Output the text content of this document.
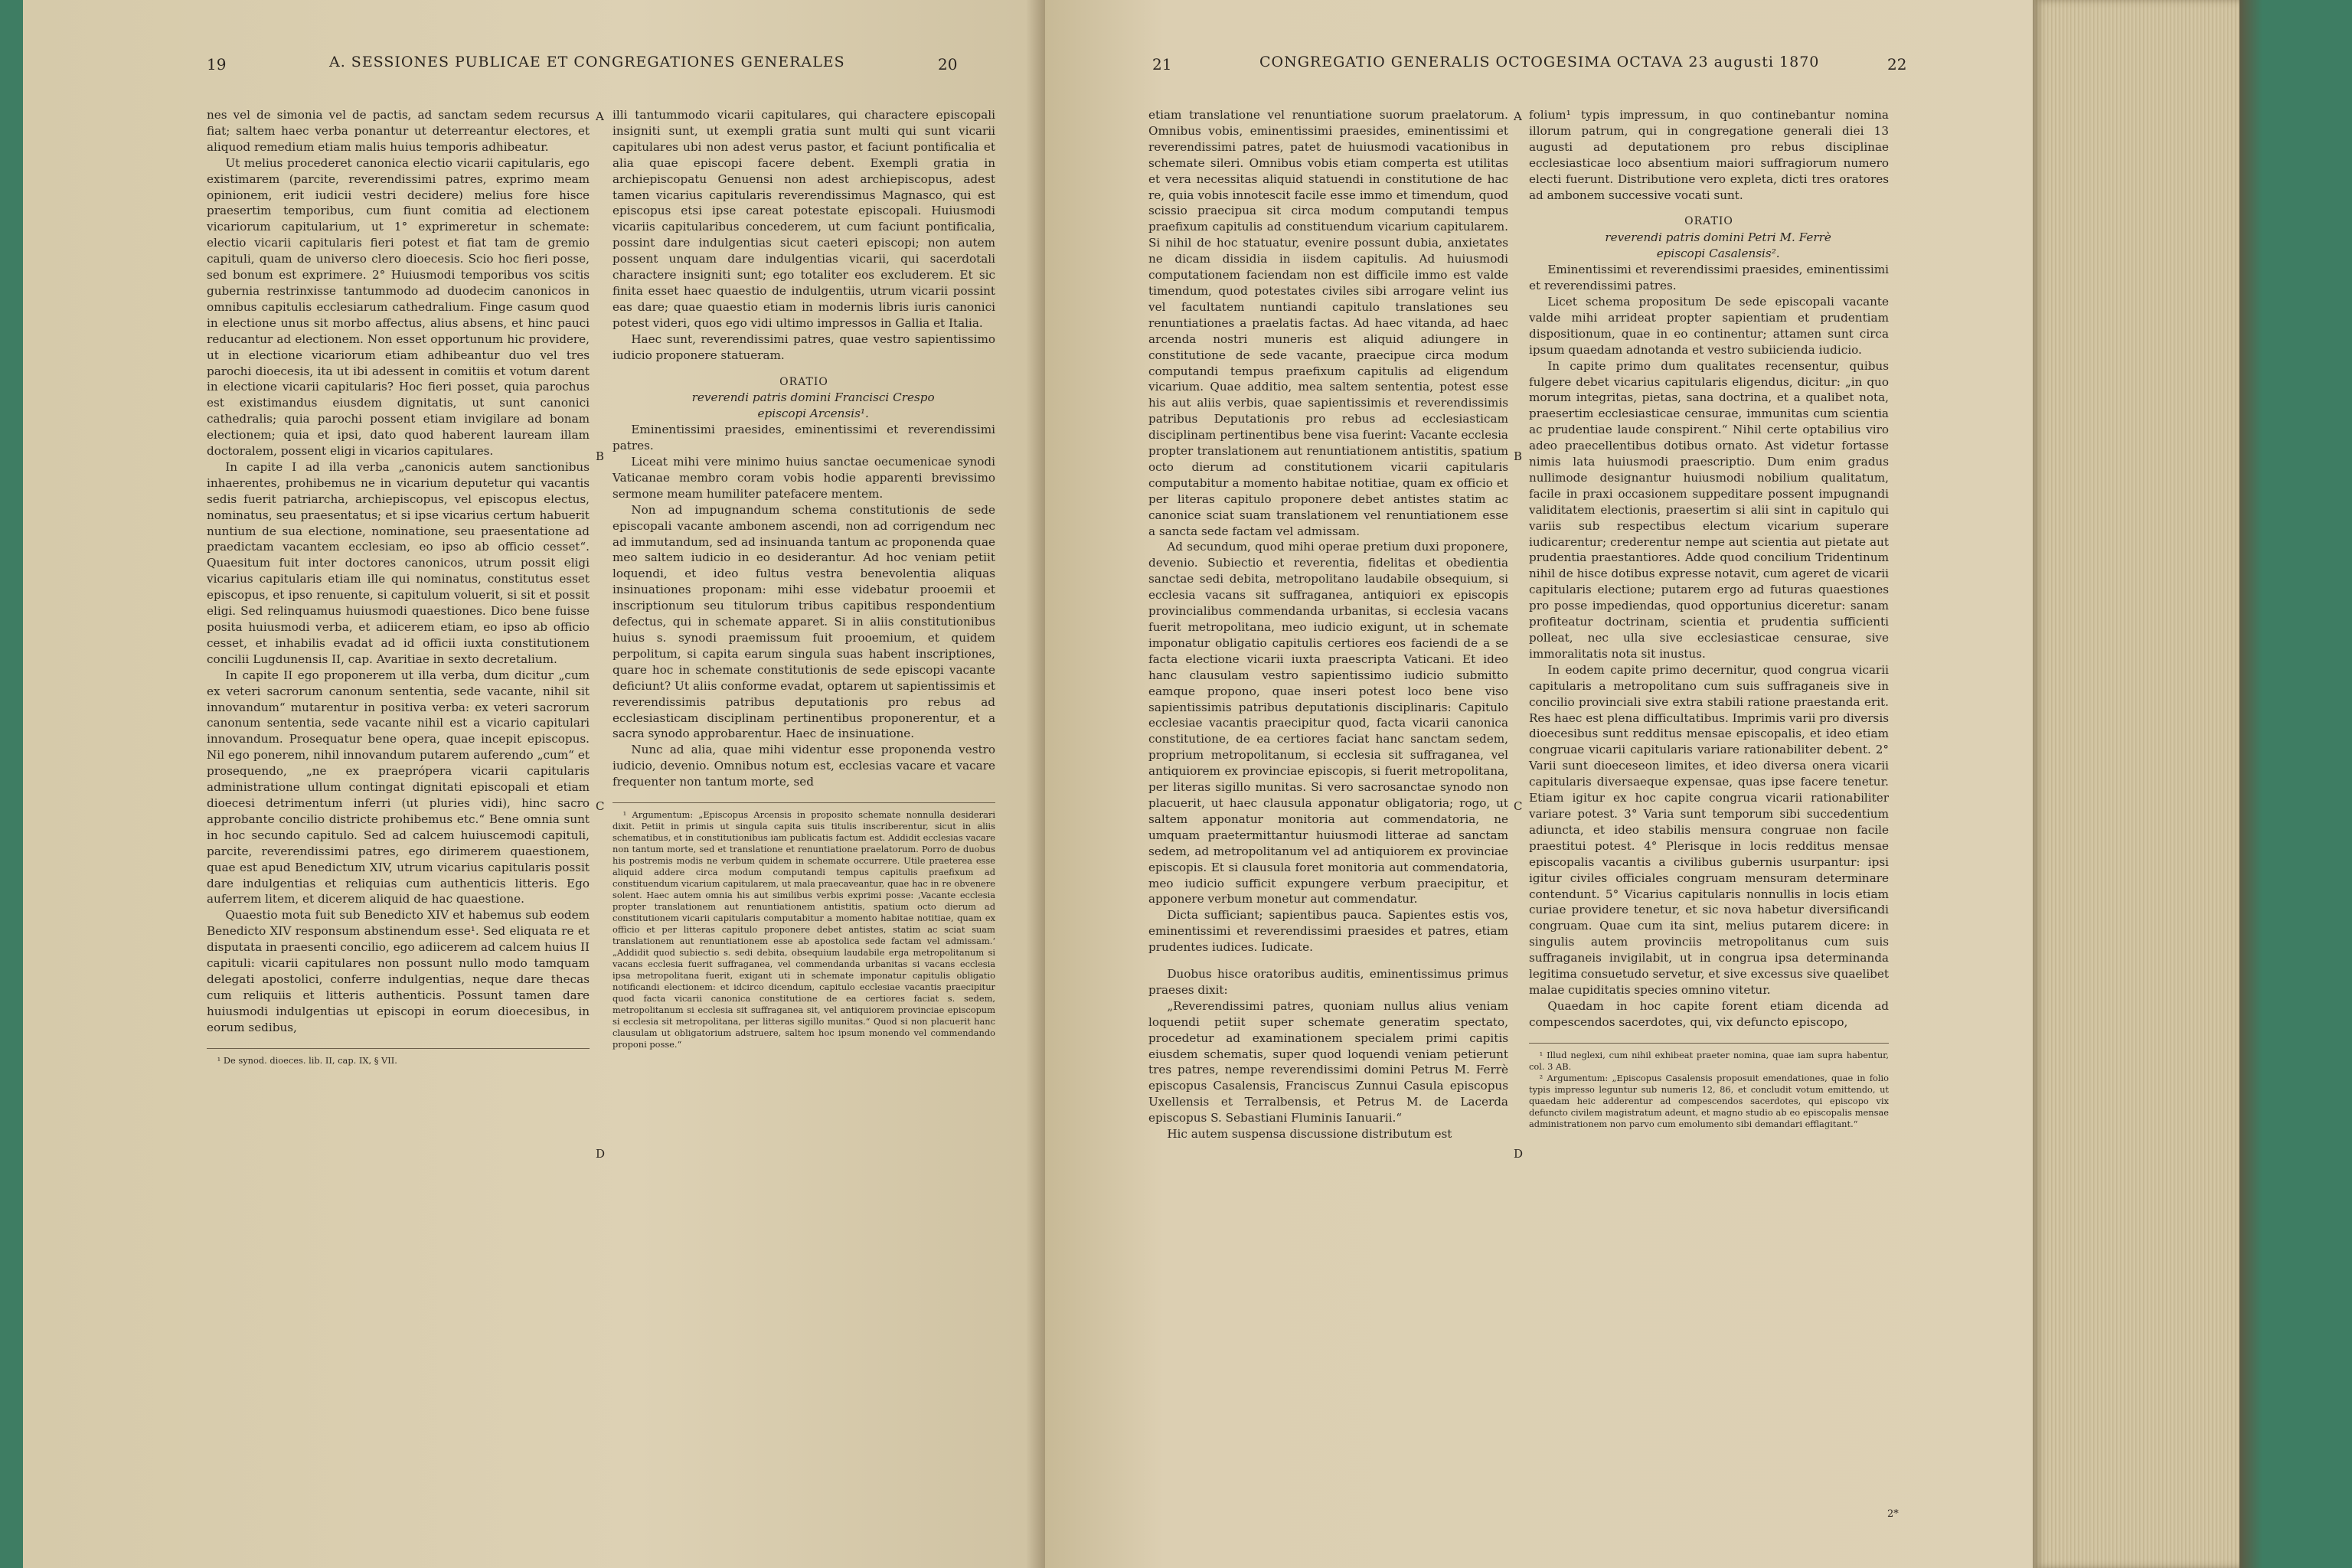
19	A. SESSIONES PUBLICAE ET CONGREGATIONES GENERALES	20

nes vel de simonia vel de pactis, ad sanctam sedem recursus fiat; saltem haec verba ponantur ut deterreantur electores, et aliquod remedium etiam malis huius temporis adhibeatur.

Ut melius procederet canonica electio vicarii capitularis, ego existimarem (parcite, reverendissimi patres, exprimo meam opinionem, erit iudicii vestri decidere) melius fore hisce praesertim temporibus, cum fiunt comitia ad electionem vicariorum capitularium, ut 1° exprimeretur in schemate: electio vicarii capitularis fieri potest et fiat tam de gremio capituli, quam de universo clero dioecesis. Scio hoc fieri posse, sed bonum est exprimere. 2° Huiusmodi temporibus vos scitis gubernia restrinxisse tantummodo ad duodecim canonicos in omnibus capitulis ecclesiarum cathedralium. Finge casum quod in electione unus sit morbo affectus, alius absens, et hinc pauci reducantur ad electionem. Non esset opportunum hic providere, ut in electione vicariorum etiam adhibeantur duo vel tres parochi dioecesis, ita ut ibi adessent in comitiis et votum darent in electione vicarii capitularis? Hoc fieri posset, quia parochus est existimandus eiusdem dignitatis, ut sunt canonici cathedralis; quia parochi possent etiam invigilare ad bonam electionem; quia et ipsi, dato quod haberent lauream illam doctoralem, possent eligi in vicarios capitulares.

In capite I ad illa verba „canonicis autem sanctionibus inhaerentes, prohibemus ne in vicarium deputetur qui vacantis sedis fuerit patriarcha, archiepiscopus, vel episcopus electus, nominatus, seu praesentatus; et si ipse vicarius certum habuerit nuntium de sua electione, nominatione, seu praesentatione ad praedictam vacantem ecclesiam, eo ipso ab officio cesset“. Quaesitum fuit inter doctores canonicos, utrum possit eligi vicarius capitularis etiam ille qui nominatus, constitutus esset episcopus, et ipso renuente, si capitulum voluerit, si sit et possit eligi. Sed relinquamus huiusmodi quaestiones. Dico bene fuisse posita huiusmodi verba, et adiicerem etiam, eo ipso ab officio cesset, et inhabilis evadat ad id officii iuxta constitutionem concilii Lugdunensis II, cap. Avaritiae in sexto decretalium.

In capite II ego proponerem ut illa verba, dum dicitur „cum ex veteri sacrorum canonum sententia, sede vacante, nihil sit innovandum“ mutarentur in positiva verba: ex veteri sacrorum canonum sententia, sede vacante nihil est a vicario capitulari innovandum. Prosequatur bene opera, quae incepit episcopus. Nil ego ponerem, nihil innovandum putarem auferendo „cum“ et prosequendo, „ne ex praeprópera vicarii capitularis administratione ullum contingat dignitati episcopali et etiam dioecesi detrimentum inferri (ut pluries vidi), hinc sacro approbante concilio districte prohibemus etc.“ Bene omnia sunt in hoc secundo capitulo. Sed ad calcem huiuscemodi capituli, parcite, reverendissimi patres, ego dirimerem quaestionem, quae est apud Benedictum XIV, utrum vicarius capitularis possit dare indulgentias et reliquias cum authenticis litteris. Ego auferrem litem, et dicerem aliquid de hac quaestione.

Quaestio mota fuit sub Benedicto XIV et habemus sub eodem Benedicto XIV responsum abstinendum esse¹. Sed eliquata re et disputata in praesenti concilio, ego adiicerem ad calcem huius II capituli: vicarii capitulares non possunt nullo modo tamquam delegati apostolici, conferre indulgentias, neque dare thecas cum reliquiis et litteris authenticis. Possunt tamen dare huiusmodi indulgentias ut episcopi in eorum dioecesibus, in eorum sedibus,

¹ De synod. dioeces. lib. II, cap. IX, § VII.

A
B
C
D

illi tantummodo vicarii capitulares, qui charactere episcopali insigniti sunt, ut exempli gratia sunt multi qui sunt vicarii capitulares ubi non adest verus pastor, et faciunt pontificalia et alia quae episcopi facere debent. Exempli gratia in archiepiscopatu Genuensi non adest archiepiscopus, adest tamen vicarius capitularis reverendissimus Magnasco, qui est episcopus etsi ipse careat potestate episcopali. Huiusmodi vicariis capitularibus concederem, ut cum faciunt pontificalia, possint dare indulgentias sicut caeteri episcopi; non autem possent unquam dare indulgentias vicarii, qui sacerdotali charactere insigniti sunt; ego totaliter eos excluderem. Et sic finita esset haec quaestio de indulgentiis, utrum vicarii possint eas dare; quae quaestio etiam in modernis libris iuris canonici potest videri, quos ego vidi ultimo impressos in Gallia et Italia.

Haec sunt, reverendissimi patres, quae vestro sapientissimo iudicio proponere statueram.

ORATIO

reverendi patris domini Francisci Crespo

episcopi Arcensis¹.

Eminentissimi praesides, eminentissimi et reverendissimi patres.

Liceat mihi vere minimo huius sanctae oecumenicae synodi Vaticanae membro coram vobis hodie apparenti brevissimo sermone meam humiliter patefacere mentem.

Non ad impugnandum schema constitutionis de sede episcopali vacante ambonem ascendi, non ad corrigendum nec ad immutandum, sed ad insinuanda tantum ac proponenda quae meo saltem iudicio in eo desiderantur. Ad hoc veniam petiit loquendi, et ideo fultus vestra benevolentia aliquas insinuationes proponam: mihi esse videbatur prooemii et inscriptionum seu titulorum tribus capitibus respondentium defectus, qui in schemate apparet. Si in aliis constitutionibus huius s. synodi praemissum fuit prooemium, et quidem perpolitum, si capita earum singula suas habent inscriptiones, quare hoc in schemate constitutionis de sede episcopi vacante deficiunt? Ut aliis conforme evadat, optarem ut sapientissimis et reverendissimis patribus deputationis pro rebus ad ecclesiasticam disciplinam pertinentibus proponerentur, et a sacra synodo approbarentur. Haec de insinuatione.

Nunc ad alia, quae mihi videntur esse proponenda vestro iudicio, devenio. Omnibus notum est, ecclesias vacare et vacare frequenter non tantum morte, sed

¹ Argumentum: „Episcopus Arcensis in proposito schemate nonnulla desiderari dixit. Petiit in primis ut singula capita suis titulis inscriberentur, sicut in aliis schematibus, et in constitutionibus iam publicatis factum est. Addidit ecclesias vacare non tantum morte, sed et translatione et renuntiatione praelatorum. Porro de duobus his postremis modis ne verbum quidem in schemate occurrere. Utile praeterea esse aliquid addere circa modum computandi tempus capitulis praefixum ad constituendum vicarium capitularem, ut mala praecaveantur, quae hac in re obvenere solent. Haec autem omnia his aut similibus verbis exprimi posse: ‚Vacante ecclesia propter translationem aut renuntiationem antistitis, spatium octo dierum ad constitutionem vicarii capitularis computabitur a momento habitae notitiae, quam ex officio et per litteras capitulo proponere debet antistes, statim ac sciat suam translationem aut renuntiationem esse ab apostolica sede factam vel admissam.‘ „Addidit quod subiectio s. sedi debita, obsequium laudabile erga metropolitanum si vacans ecclesia fuerit suffraganea, vel commendanda urbanitas si vacans ecclesia ipsa metropolitana fuerit, exigant uti in schemate imponatur capitulis obligatio notificandi electionem: et idcirco dicendum, capitulo ecclesiae vacantis praecipitur quod facta vicarii canonica constitutione de ea certiores faciat s. sedem, metropolitanum si ecclesia sit suffraganea sit, vel antiquiorem provinciae episcopum si ecclesia sit metropolitana, per litteras sigillo munitas.“ Quod si non placuerit hanc clausulam ut obligatorium adstruere, saltem hoc ipsum monendo vel commendando proponi posse.“

21	CONGREGATIO GENERALIS OCTOGESIMA OCTAVA 23 augusti 1870	22

etiam translatione vel renuntiatione suorum praelatorum. Omnibus vobis, eminentissimi praesides, eminentissimi et reverendissimi patres, patet de huiusmodi vacationibus in schemate sileri. Omnibus vobis etiam comperta est utilitas et vera necessitas aliquid statuendi in constitutione de hac re, quia vobis innotescit facile esse immo et timendum, quod scissio praecipua sit circa modum computandi tempus praefixum capitulis ad constituendum vicarium capitularem. Si nihil de hoc statuatur, evenire possunt dubia, anxietates ne dicam dissidia in iisdem capitulis. Ad huiusmodi computationem faciendam non est difficile immo est valde timendum, quod potestates civiles sibi arrogare velint ius vel facultatem nuntiandi capitulo translationes seu renuntiationes a praelatis factas. Ad haec vitanda, ad haec arcenda nostri muneris est aliquid adiungere in constitutione de sede vacante, praecipue circa modum computandi tempus praefixum capitulis ad eligendum vicarium. Quae additio, mea saltem sententia, potest esse his aut aliis verbis, quae sapientissimis et reverendissimis patribus Deputationis pro rebus ad ecclesiasticam disciplinam pertinentibus bene visa fuerint: Vacante ecclesia propter translationem aut renuntiationem antistitis, spatium octo dierum ad constitutionem vicarii capitularis computabitur a momento habitae notitiae, quam ex officio et per literas capitulo proponere debet antistes statim ac canonice sciat suam translationem vel renuntiationem esse a sancta sede factam vel admissam.

Ad secundum, quod mihi operae pretium duxi proponere, devenio. Subiectio et reverentia, fidelitas et obedientia sanctae sedi debita, metropolitano laudabile obsequium, si ecclesia vacans sit suffraganea, antiquiori ex episcopis provincialibus commendanda urbanitas, si ecclesia vacans fuerit metropolitana, meo iudicio exigunt, ut in schemate imponatur obligatio capitulis certiores eos faciendi de a se facta electione vicarii iuxta praescripta Vaticani. Et ideo hanc clausulam vestro sapientissimo iudicio submitto eamque propono, quae inseri potest loco bene viso sapientissimis patribus deputationis disciplinaris: Capitulo ecclesiae vacantis praecipitur quod, facta vicarii canonica constitutione, de ea certiores faciat hanc sanctam sedem, proprium metropolitanum, si ecclesia sit suffraganea, vel antiquiorem ex provinciae episcopis, si fuerit metropolitana, per literas sigillo munitas. Si vero sacrosanctae synodo non placuerit, ut haec clausula apponatur obligatoria; rogo, ut saltem apponatur monitoria aut commendatoria, ne umquam praetermittantur huiusmodi litterae ad sanctam sedem, ad metropolitanum vel ad antiquiorem ex provinciae episcopis. Et si clausula foret monitoria aut commendatoria, meo iudicio sufficit expungere verbum praecipitur, et apponere verbum monetur aut commendatur.

Dicta sufficiant; sapientibus pauca. Sapientes estis vos, eminentissimi et reverendissimi praesides et patres, etiam prudentes iudices. Iudicate.

Duobus hisce oratoribus auditis, eminentissimus primus praeses dixit:

„Reverendissimi patres, quoniam nullus alius veniam loquendi petiit super schemate generatim spectato, procedetur ad examinationem specialem primi capitis eiusdem schematis, super quod loquendi veniam petierunt tres patres, nempe reverendissimi domini Petrus M. Ferrè episcopus Casalensis, Franciscus Zunnui Casula episcopus Uxellensis et Terralbensis, et Petrus M. de Lacerda episcopus S. Sebastiani Fluminis Ianuarii.“

Hic autem suspensa discussione distributum est

A
B
C
D

folium¹ typis impressum, in quo continebantur nomina illorum patrum, qui in congregatione generali diei 13 augusti ad deputationem pro rebus disciplinae ecclesiasticae loco absentium maiori suffragiorum numero electi fuerunt. Distributione vero expleta, dicti tres oratores ad ambonem successive vocati sunt.

ORATIO

reverendi patris domini Petri M. Ferrè

episcopi Casalensis².

Eminentissimi et reverendissimi praesides, eminentissimi et reverendissimi patres.

Licet schema propositum De sede episcopali vacante valde mihi arrideat propter sapientiam et prudentiam dispositionum, quae in eo continentur; attamen sunt circa ipsum quaedam adnotanda et vestro subiicienda iudicio.

In capite primo dum qualitates recensentur, quibus fulgere debet vicarius capitularis eligendus, dicitur: „in quo morum integritas, pietas, sana doctrina, et a qualibet nota, praesertim ecclesiasticae censurae, immunitas cum scientia ac prudentiae laude conspirent.“ Nihil certe optabilius viro adeo praecellentibus dotibus ornato. Ast videtur fortasse nimis lata huiusmodi praescriptio. Dum enim gradus nullimode designantur huiusmodi nobilium qualitatum, facile in praxi occasionem suppeditare possent impugnandi validitatem electionis, praesertim si alii sint in capitulo qui variis sub respectibus electum vicarium superare iudicarentur; crederentur nempe aut scientia aut pietate aut prudentia praestantiores. Adde quod concilium Tridentinum nihil de hisce dotibus expresse notavit, cum ageret de vicarii capitularis electione; putarem ergo ad futuras quaestiones pro posse impediendas, quod opportunius diceretur: sanam profiteatur doctrinam, scientia et prudentia sufficienti polleat, nec ulla sive ecclesiasticae censurae, sive immoralitatis nota sit inustus.

In eodem capite primo decernitur, quod congrua vicarii capitularis a metropolitano cum suis suffraganeis sive in concilio provinciali sive extra stabili ratione praestanda erit. Res haec est plena difficultatibus. Imprimis varii pro diversis dioecesibus sunt redditus mensae episcopalis, et ideo etiam congruae vicarii capitularis variare rationabiliter debent. 2° Varii sunt dioeceseon limites, et ideo diversa onera vicarii capitularis diversaeque expensae, quas ipse facere tenetur. Etiam igitur ex hoc capite congrua vicarii rationabiliter variare potest. 3° Varia sunt temporum sibi succedentium adiuncta, et ideo stabilis mensura congruae non facile praestitui potest. 4° Plerisque in locis redditus mensae episcopalis vacantis a civilibus gubernis usurpantur: ipsi igitur civiles officiales congruam mensuram determinare contendunt. 5° Vicarius capitularis nonnullis in locis etiam curiae providere tenetur, et sic nova habetur diversificandi congruam. Quae cum ita sint, melius putarem dicere: in singulis autem provinciis metropolitanus cum suis suffraganeis invigilabit, ut in congrua ipsa determinanda legitima consuetudo servetur, et sive excessus sive quaelibet malae cupiditatis species omnino vitetur.

Quaedam in hoc capite forent etiam dicenda ad compescendos sacerdotes, qui, vix defuncto episcopo,

¹ Illud neglexi, cum nihil exhibeat praeter nomina, quae iam supra habentur, col. 3 AB.

² Argumentum: „Episcopus Casalensis proposuit emendationes, quae in folio typis impresso leguntur sub numeris 12, 86, et concludit votum emittendo, ut quaedam heic adderentur ad compescendos sacerdotes, qui episcopo vix defuncto civilem magistratum adeunt, et magno studio ab eo episcopalis mensae administrationem non parvo cum emolumento sibi demandari efflagitant.“

2*
